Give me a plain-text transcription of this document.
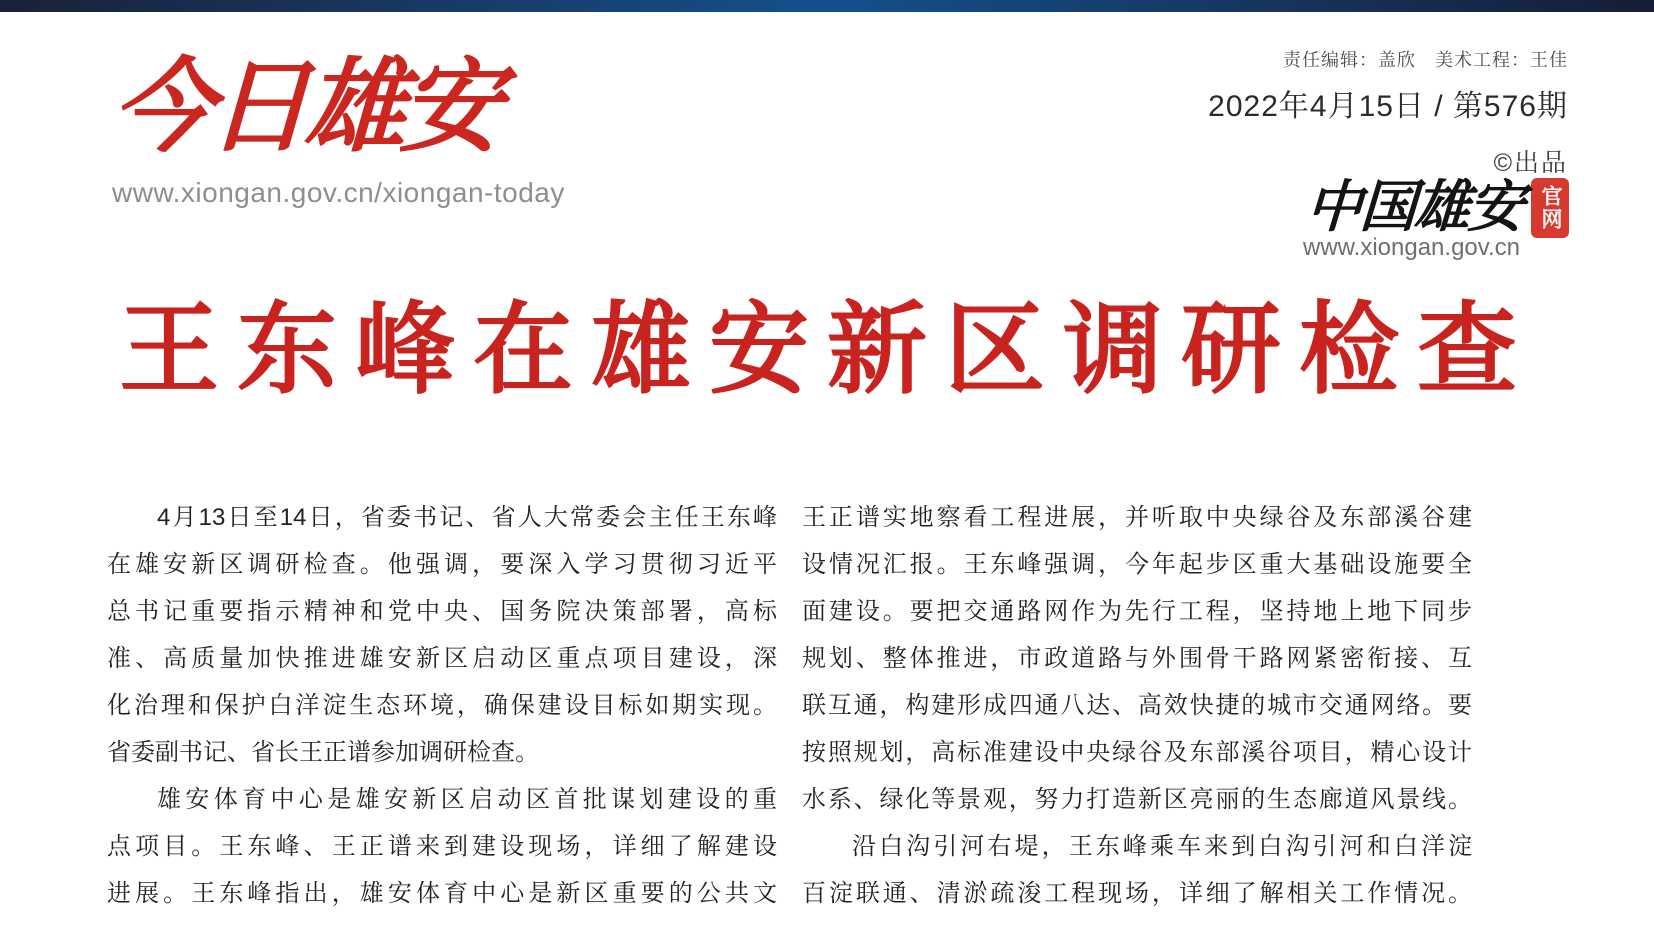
今日雄安
www.xiongan.gov.cn/xiongan-today
责任编辑：盖欣　美术工程：王佳
2022年4月15日 / 第576期
©出品
中国雄安 官网
www.xiongan.gov.cn
王东峰在雄安新区调研检查
4月13日至14日，省委书记、省人大常委会主任王东峰
在雄安新区调研检查。他强调，要深入学习贯彻习近平
总书记重要指示精神和党中央、国务院决策部署，高标
准、高质量加快推进雄安新区启动区重点项目建设，深
化治理和保护白洋淀生态环境，确保建设目标如期实现。
省委副书记、省长王正谱参加调研检查。
雄安体育中心是雄安新区启动区首批谋划建设的重
点项目。王东峰、王正谱来到建设现场，详细了解建设
进展。王东峰指出，雄安体育中心是新区重要的公共文
王正谱实地察看工程进展，并听取中央绿谷及东部溪谷建
设情况汇报。王东峰强调，今年起步区重大基础设施要全
面建设。要把交通路网作为先行工程，坚持地上地下同步
规划、整体推进，市政道路与外围骨干路网紧密衔接、互
联互通，构建形成四通八达、高效快捷的城市交通网络。要
按照规划，高标准建设中央绿谷及东部溪谷项目，精心设计
水系、绿化等景观，努力打造新区亮丽的生态廊道风景线。
沿白沟引河右堤，王东峰乘车来到白沟引河和白洋淀
百淀联通、清淤疏浚工程现场，详细了解相关工作情况。
